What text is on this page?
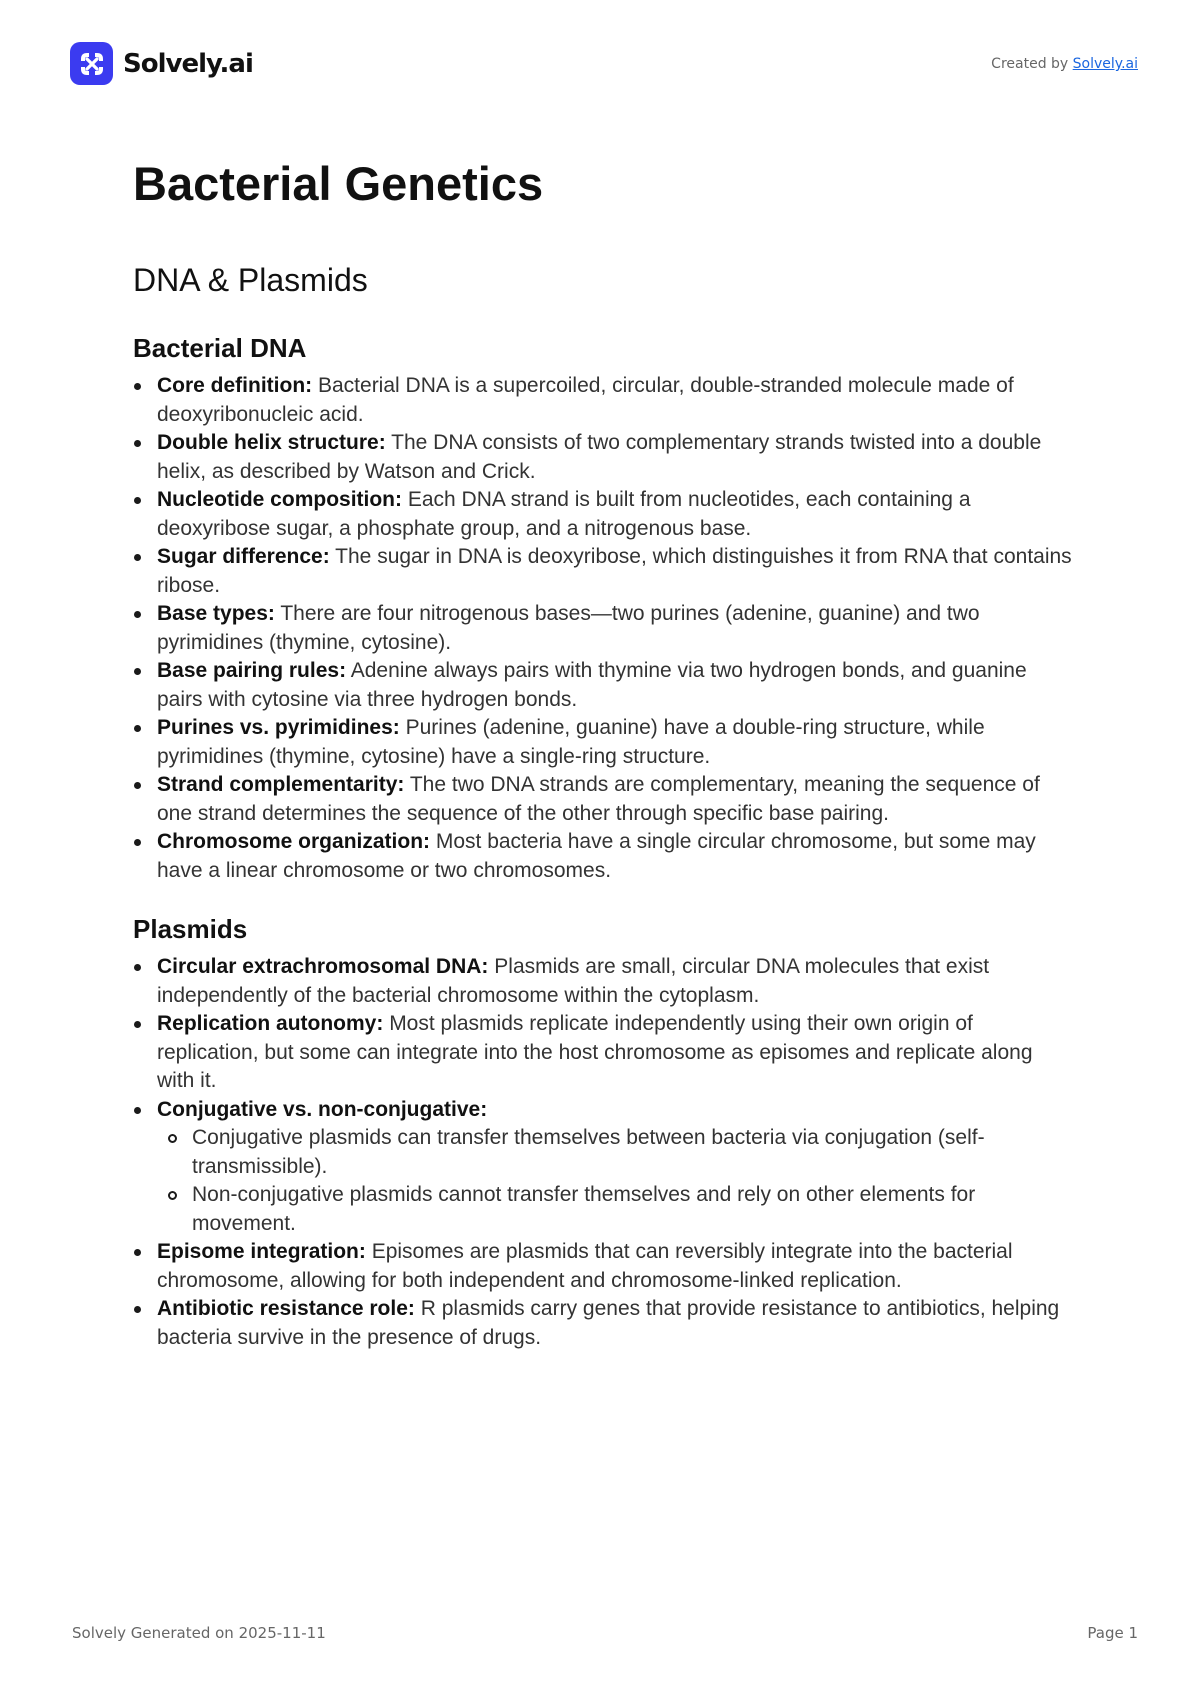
Solvely.ai	Created by Solvely.ai
Bacterial Genetics
DNA & Plasmids
Bacterial DNA
Core definition: Bacterial DNA is a supercoiled, circular, double-stranded molecule made of deoxyribonucleic acid.
Double helix structure: The DNA consists of two complementary strands twisted into a double helix, as described by Watson and Crick.
Nucleotide composition: Each DNA strand is built from nucleotides, each containing a deoxyribose sugar, a phosphate group, and a nitrogenous base.
Sugar difference: The sugar in DNA is deoxyribose, which distinguishes it from RNA that contains ribose.
Base types: There are four nitrogenous bases—two purines (adenine, guanine) and two pyrimidines (thymine, cytosine).
Base pairing rules: Adenine always pairs with thymine via two hydrogen bonds, and guanine pairs with cytosine via three hydrogen bonds.
Purines vs. pyrimidines: Purines (adenine, guanine) have a double-ring structure, while pyrimidines (thymine, cytosine) have a single-ring structure.
Strand complementarity: The two DNA strands are complementary, meaning the sequence of one strand determines the sequence of the other through specific base pairing.
Chromosome organization: Most bacteria have a single circular chromosome, but some may have a linear chromosome or two chromosomes.
Plasmids
Circular extrachromosomal DNA: Plasmids are small, circular DNA molecules that exist independently of the bacterial chromosome within the cytoplasm.
Replication autonomy: Most plasmids replicate independently using their own origin of replication, but some can integrate into the host chromosome as episomes and replicate along with it.
Conjugative vs. non-conjugative:
Conjugative plasmids can transfer themselves between bacteria via conjugation (self-transmissible).
Non-conjugative plasmids cannot transfer themselves and rely on other elements for movement.
Episome integration: Episomes are plasmids that can reversibly integrate into the bacterial chromosome, allowing for both independent and chromosome-linked replication.
Antibiotic resistance role: R plasmids carry genes that provide resistance to antibiotics, helping bacteria survive in the presence of drugs.
Solvely Generated on 2025-11-11	Page 1
